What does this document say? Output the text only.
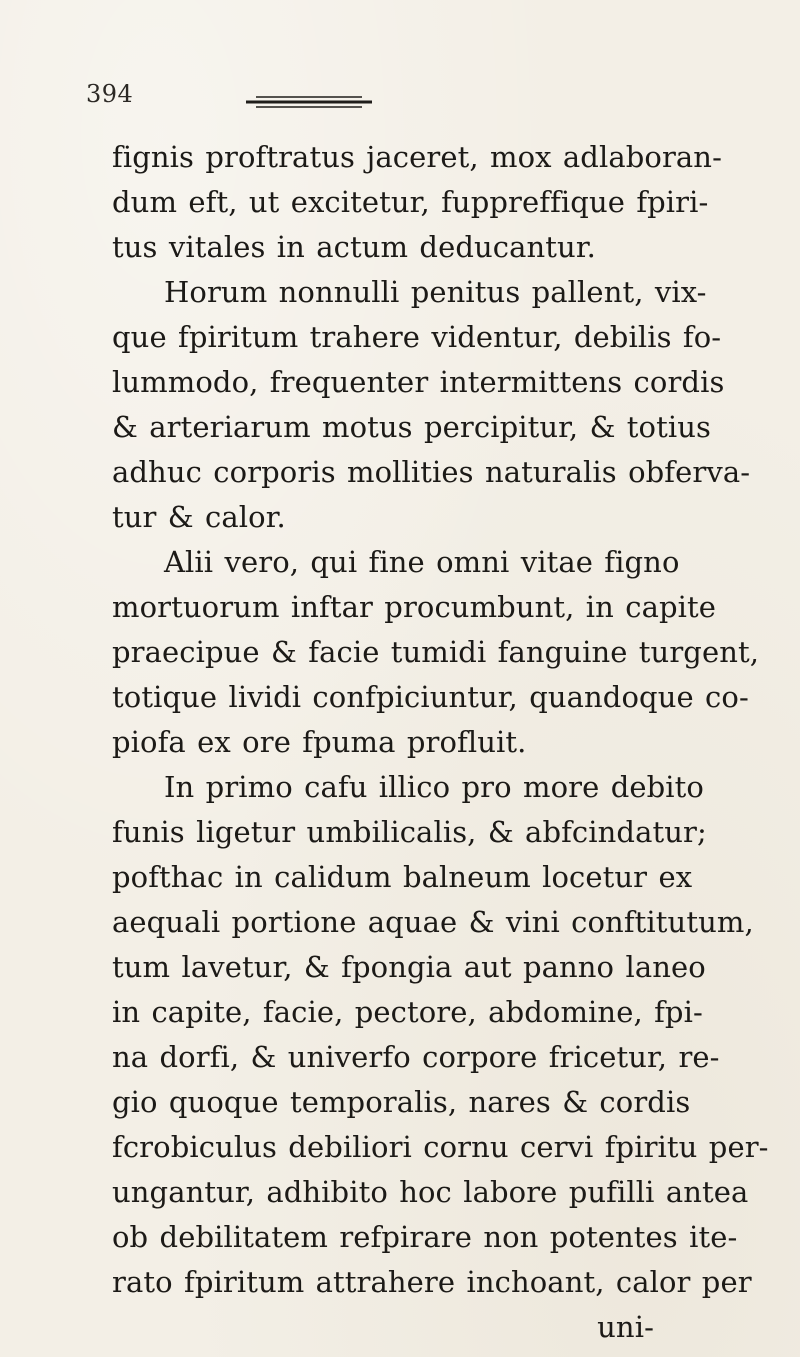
394
fignis proftratus jaceret, mox adlaboran-
dum eft, ut excitetur, fuppreffique fpiri-
tus vitales in actum deducantur.
Horum nonnulli penitus pallent, vix-
que fpiritum trahere videntur, debilis fo-
lummodo, frequenter intermittens cordis
& arteriarum motus percipitur, & totius
adhuc corporis mollities naturalis obferva-
tur & calor.
Alii vero, qui fine omni vitae figno
mortuorum inftar procumbunt, in capite
praecipue & facie tumidi fanguine turgent,
totique lividi confpiciuntur, quandoque co-
piofa ex ore fpuma profluit.
In primo cafu illico pro more debito
funis ligetur umbilicalis, & abfcindatur;
pofthac in calidum balneum locetur ex
aequali portione aquae & vini conftitutum,
tum lavetur, & fpongia aut panno laneo
in capite, facie, pectore, abdomine, fpi-
na dorfi, & univerfo corpore fricetur, re-
gio quoque temporalis, nares & cordis
fcrobiculus debiliori cornu cervi fpiritu per-
ungantur, adhibito hoc labore pufilli antea
ob debilitatem refpirare non potentes ite-
rato fpiritum attrahere inchoant, calor per
uni-
